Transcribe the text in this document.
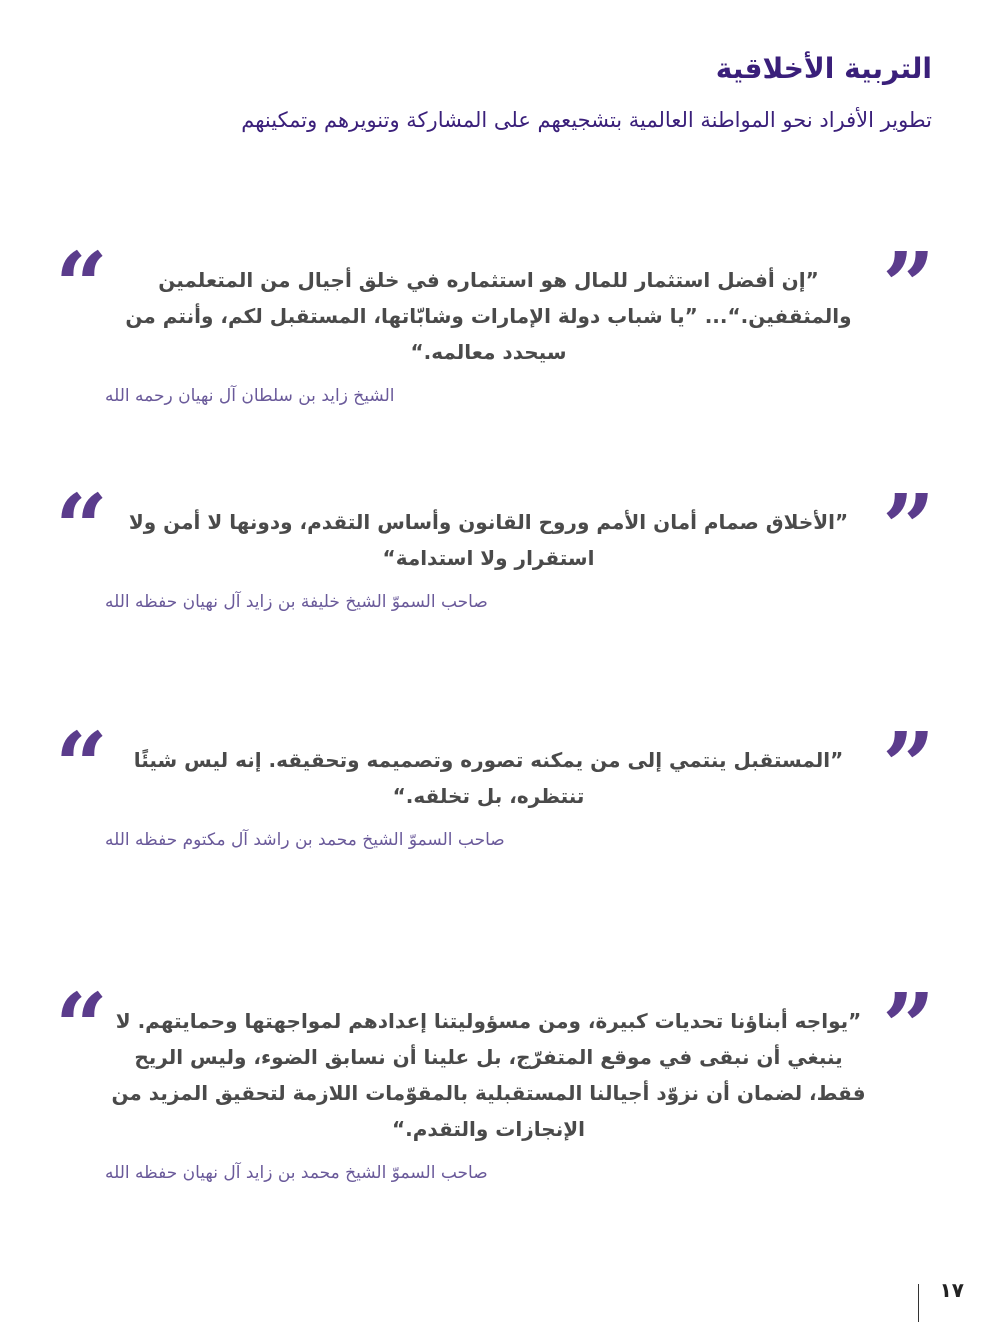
التربية الأخلاقية

تطوير الأفراد نحو المواطنة العالمية بتشجيعهم على المشاركة وتنويرهم وتمكينهم

“	”

”إن أفضل استثمار للمال هو استثماره في خلق أجيال من المتعلمين والمثقفين.“... ”يا شباب دولة الإمارات وشابّاتها، المستقبل لكم، وأنتم من سيحدد معالمه.“

الشيخ زايد بن سلطان آل نهيان رحمه الله
“	”

”الأخلاق صمام أمان الأمم وروح القانون وأساس التقدم، ودونها لا أمن ولا استقرار ولا استدامة“

صاحب السموّ الشيخ خليفة بن زايد آل نهيان حفظه الله
“	”

”المستقبل ينتمي إلى من يمكنه تصوره وتصميمه وتحقيقه. إنه ليس شيئًا تنتظره، بل تخلقه.“

صاحب السموّ الشيخ محمد بن راشد آل مكتوم حفظه الله
“	”

”يواجه أبناؤنا تحديات كبيرة، ومن مسؤوليتنا إعدادهم لمواجهتها وحمايتهم. لا ينبغي أن نبقى في موقع المتفرّج، بل علينا أن نسابق الضوء، وليس الريح فقط، لضمان أن نزوّد أجيالنا المستقبلية بالمقوّمات اللازمة لتحقيق المزيد من الإنجازات والتقدم.“

صاحب السموّ الشيخ محمد بن زايد آل نهيان حفظه الله
١٧
